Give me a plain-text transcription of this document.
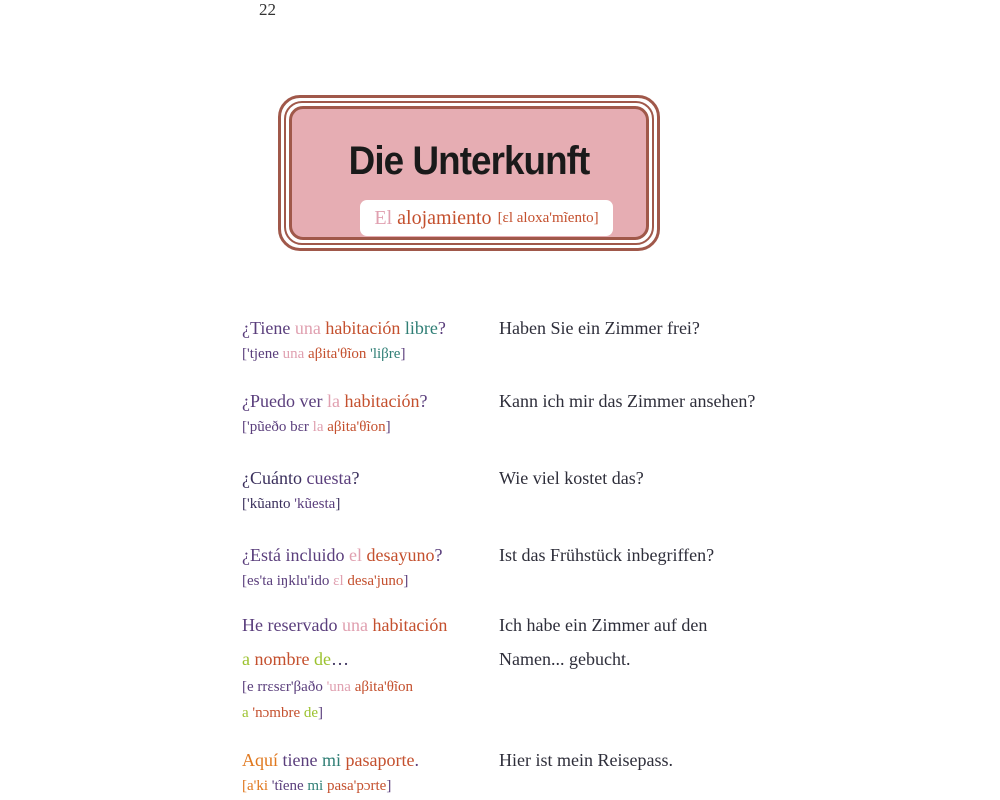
22
Die Unterkunft
El
alojamiento [ɛl aloxa'mĩento]
¿Tiene una habitación libre?
['tjene una aβita'θĩon 'liβre]
Haben Sie ein Zimmer frei?
¿Puedo ver la habitación?
['pũeðo bɛr la aβita'θĩon]
Kann ich mir das Zimmer ansehen?
¿Cuánto cuesta?
['kũanto 'kũesta]
Wie viel kostet das?
¿Está incluido el desayuno?
[es'ta iŋklu'ido ɛl desa'juno]
Ist das Frühstück inbegriffen?
He reservado una habitación
a nombre de…
[e rrɛsɛr'βaðo 'una aβita'θĩon
a 'nɔmbre de]
Ich habe ein Zimmer auf den
Namen... gebucht.
Aquí tiene mi pasaporte.
[a'ki 'tĩene mi pasa'pɔrte]
Hier ist mein Reisepass.
